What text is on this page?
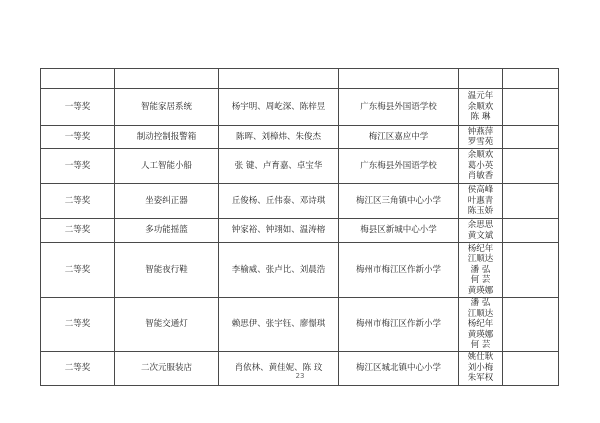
一等奖	智能家居系统	杨宇明、周屹深、陈梓昱	广东梅县外国语学校	温元年
余顺欢
陈 琳	

一等奖	制动控制报警箱	陈晖、刘樟炜、朱俊杰	梅江区嘉应中学	钟燕萍
罗雪苑	

一等奖	人工智能小船	张 键、卢育嘉、卓宝华	广东梅县外国语学校	余顺欢
葛小英
肖敏香	

二等奖	坐姿纠正器	丘俊杨、丘伟泰、邓诗琪	梅江区三角镇中心小学	侯高峰
叶惠青
陈玉娇	

二等奖	多功能摇篮	钟家裕、钟翊如、温涛榕	梅县区新城中心小学	余思思
黄文斌	

二等奖	智能夜行鞋	李榆威、张卢比、刘晨浩	梅州市梅江区作新小学	杨纪年
江顺达
潘 弘
何 芸
黄瑛娜	

二等奖	智能交通灯	赖思伊、张宇钰、廖憬琪	梅州市梅江区作新小学	潘 弘
江顺达
杨纪年
黄瑛娜
何 芸	

二等奖	二次元服装店	肖依林、黄佳妮、陈 玟	梅江区城北镇中心小学	姚仕耿
刘小梅
朱军权	

23
